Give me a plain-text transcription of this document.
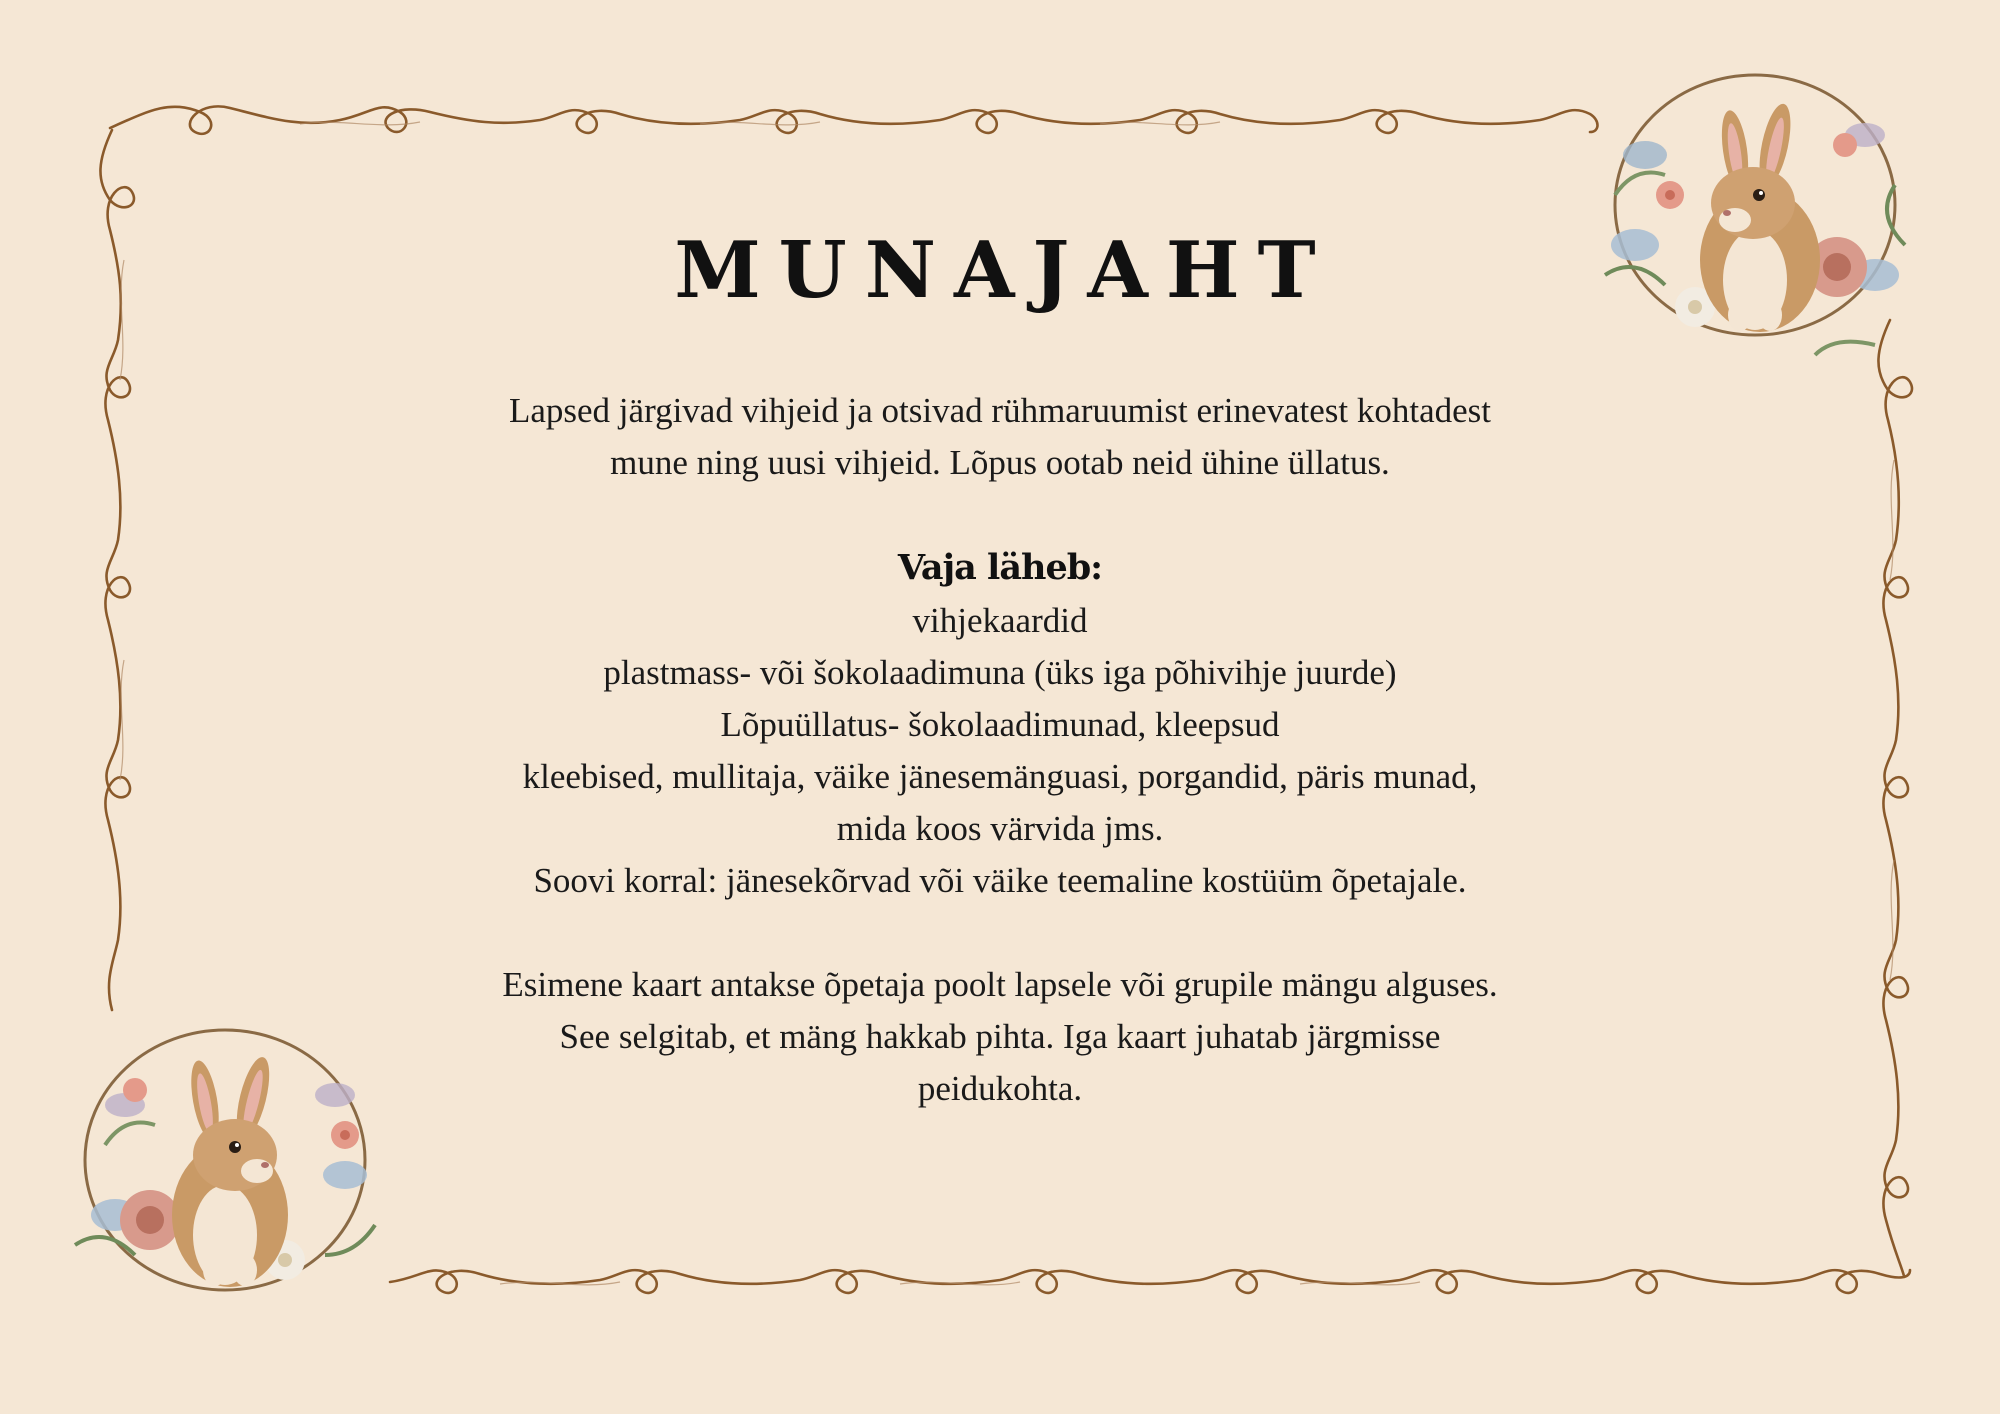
MUNAJAHT

Lapsed järgivad vihjeid ja otsivad rühmaruumist erinevatest kohtadest

mune ning uusi vihjeid. Lõpus ootab neid ühine üllatus.

Vaja läheb:

vihjekaardid

plastmass- või šokolaadimuna (üks iga põhivihje juurde)

Lõpuüllatus- šokolaadimunad, kleepsud

kleebised, mullitaja, väike jänesemänguasi, porgandid, päris munad,

mida koos värvida jms.

Soovi korral: jänesekõrvad või väike teemaline kostüüm õpetajale.

Esimene kaart antakse õpetaja poolt lapsele või grupile mängu alguses.

See selgitab, et mäng hakkab pihta. Iga kaart juhatab järgmisse

peidukohta.
